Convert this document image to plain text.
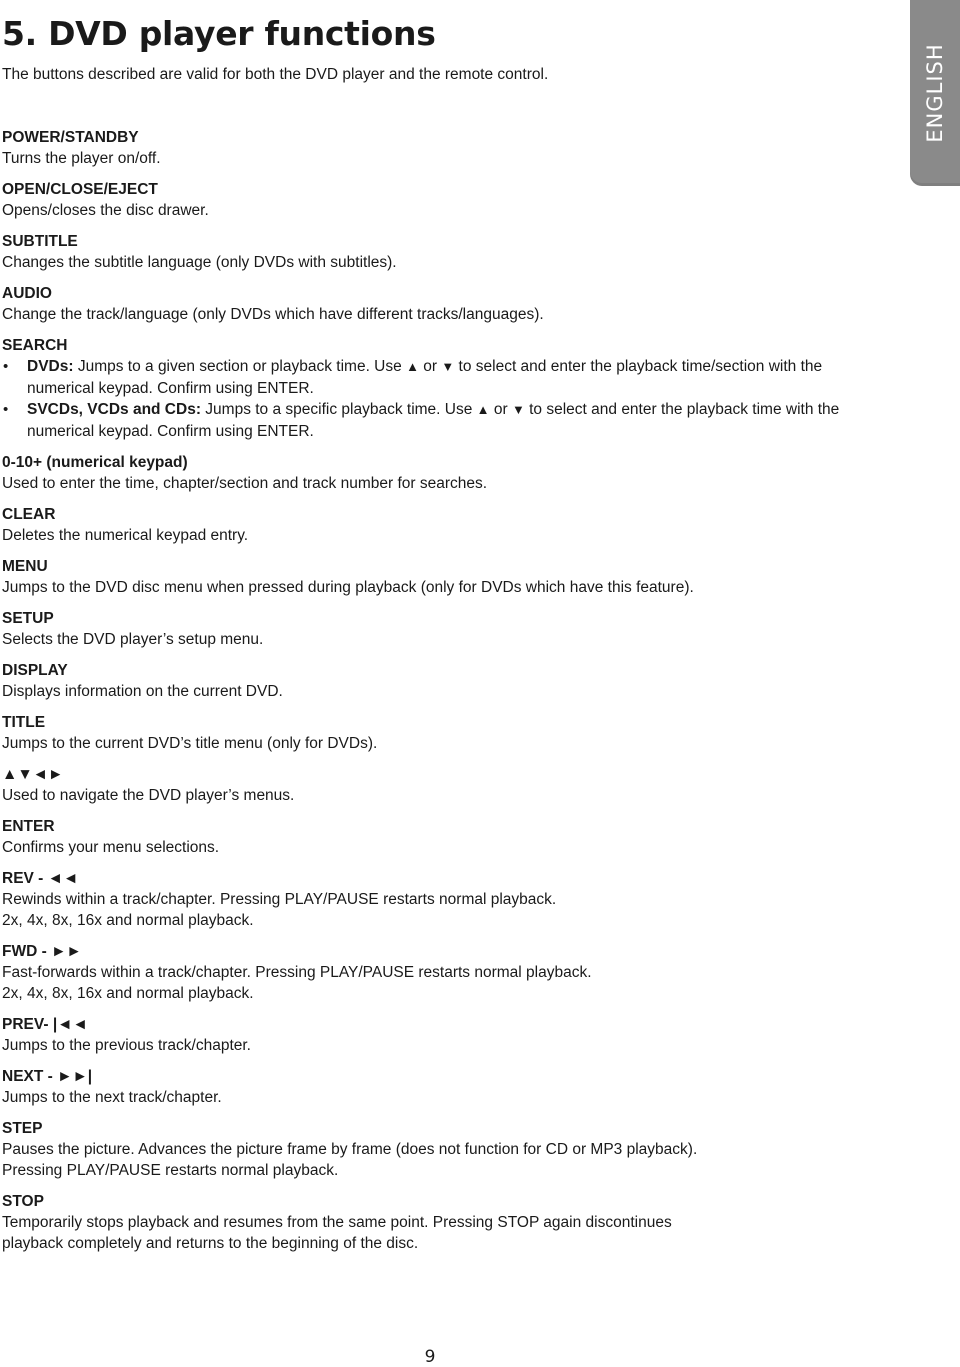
5. DVD player functions

The buttons described are valid for both the DVD player and the remote control.	ENGLISH
POWER/STANDBY
Turns the player on/off.
OPEN/CLOSE/EJECT
Opens/closes the disc drawer.
SUBTITLE
Changes the subtitle language (only DVDs with subtitles).
AUDIO
Change the track/language (only DVDs which have different tracks/languages).
SEARCH
• DVDs: Jumps to a given section or playback time. Use ▲ or ▼ to select and enter the playback time/section with the numerical keypad. Confirm using ENTER.
• SVCDs, VCDs and CDs: Jumps to a specific playback time. Use ▲ or ▼ to select and enter the playback time with the numerical keypad. Confirm using ENTER.
0-10+ (numerical keypad)
Used to enter the time, chapter/section and track number for searches.
CLEAR
Deletes the numerical keypad entry.
MENU
Jumps to the DVD disc menu when pressed during playback (only for DVDs which have this feature).
SETUP
Selects the DVD player’s setup menu.
DISPLAY
Displays information on the current DVD.
TITLE
Jumps to the current DVD’s title menu (only for DVDs).
▲▼◄►
Used to navigate the DVD player’s menus.
ENTER
Confirms your menu selections.
REV - ◄◄
Rewinds within a track/chapter. Pressing PLAY/PAUSE restarts normal playback.
2x, 4x, 8x, 16x and normal playback.
FWD - ►►
Fast-forwards within a track/chapter. Pressing PLAY/PAUSE restarts normal playback.
2x, 4x, 8x, 16x and normal playback.
PREV- |◄◄
Jumps to the previous track/chapter.
NEXT - ►►|
Jumps to the next track/chapter.
STEP
Pauses the picture. Advances the picture frame by frame (does not function for CD or MP3 playback).
Pressing PLAY/PAUSE restarts normal playback.
STOP
Temporarily stops playback and resumes from the same point. Pressing STOP again discontinues
playback completely and returns to the beginning of the disc.
9
